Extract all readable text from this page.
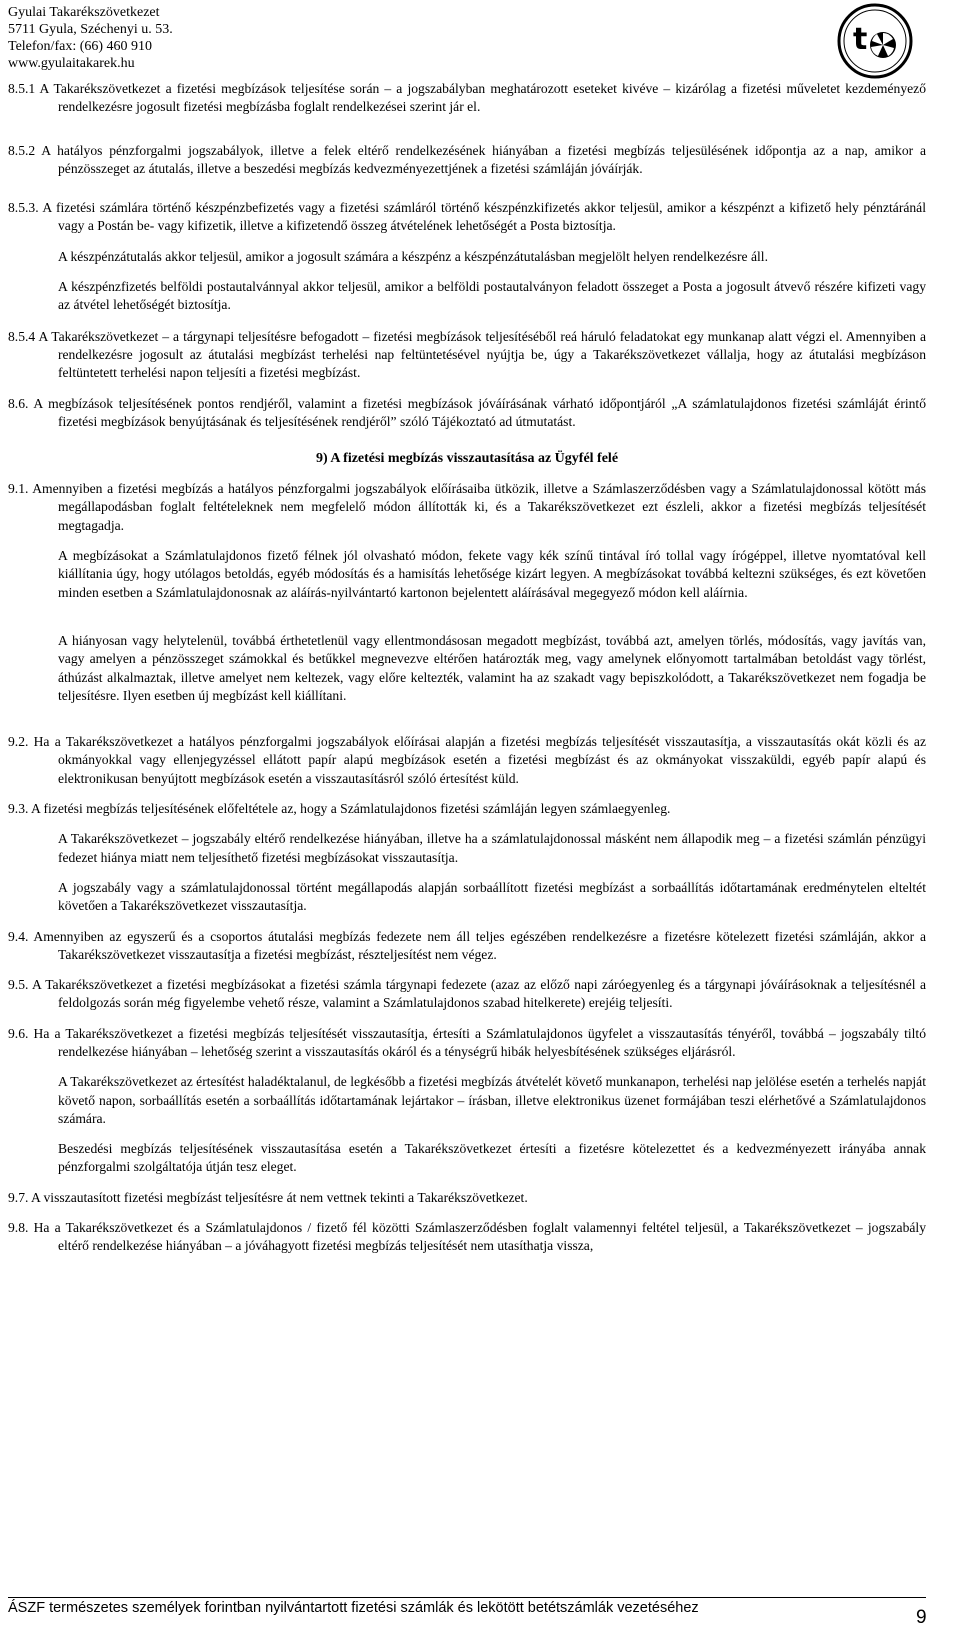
Gyulai Takarékszövetkezet
5711 Gyula, Széchenyi u. 53.
Telefon/fax: (66) 460 910
www.gyulaitakarek.hu
t

8.5.1 A Takarékszövetkezet a fizetési megbízások teljesítése során – a jogszabályban meghatározott eseteket kivéve – kizárólag a fizetési műveletet kezdeményező rendelkezésre jogosult fizetési megbízásba foglalt rendelkezései szerint jár el.

8.5.2 A hatályos pénzforgalmi jogszabályok, illetve a felek eltérő rendelkezésének hiányában a fizetési megbízás teljesülésének időpontja az a nap, amikor a pénzösszeget az átutalás, illetve a beszedési megbízás kedvezményezettjének a fizetési számláján jóváírják.

8.5.3. A fizetési számlára történő készpénzbefizetés vagy a fizetési számláról történő készpénzkifizetés akkor teljesül, amikor a készpénzt a kifizető hely pénztáránál vagy a Postán be- vagy kifizetik, illetve a kifizetendő összeg átvételének lehetőségét a Posta biztosítja.

A készpénzátutalás akkor teljesül, amikor a jogosult számára a készpénz a készpénzátutalásban megjelölt helyen rendelkezésre áll.

A készpénzfizetés belföldi postautalvánnyal akkor teljesül, amikor a belföldi postautalványon feladott összeget a Posta a jogosult átvevő részére kifizeti vagy az átvétel lehetőségét biztosítja.

8.5.4 A Takarékszövetkezet – a tárgynapi teljesítésre befogadott – fizetési megbízások teljesítéséből reá háruló feladatokat egy munkanap alatt végzi el. Amennyiben a rendelkezésre jogosult az átutalási megbízást terhelési nap feltüntetésével nyújtja be, úgy a Takarékszövetkezet vállalja, hogy az átutalási megbízáson feltüntetett terhelési napon teljesíti a fizetési megbízást.

8.6. A megbízások teljesítésének pontos rendjéről, valamint a fizetési megbízások jóváírásának várható időpontjáról „A számlatulajdonos fizetési számláját érintő fizetési megbízások benyújtásának és teljesítésének rendjéről” szóló Tájékoztató ad útmutatást.

9) A fizetési megbízás visszautasítása az Ügyfél felé

9.1. Amennyiben a fizetési megbízás a hatályos pénzforgalmi jogszabályok előírásaiba ütközik, illetve a Számlaszerződésben vagy a Számlatulajdonossal kötött más megállapodásban foglalt feltételeknek nem megfelelő módon állították ki, és a Takarékszövetkezet ezt észleli, akkor a fizetési megbízás teljesítését megtagadja.

A megbízásokat a Számlatulajdonos fizető félnek jól olvasható módon, fekete vagy kék színű tintával író tollal vagy írógéppel, illetve nyomtatóval kell kiállítania úgy, hogy utólagos betoldás, egyéb módosítás és a hamisítás lehetősége kizárt legyen. A megbízásokat továbbá keltezni szükséges, és ezt követően minden esetben a Számlatulajdonosnak az aláírás-nyilvántartó kartonon bejelentett aláírásával megegyező módon kell aláírnia.

A hiányosan vagy helytelenül, továbbá érthetetlenül vagy ellentmondásosan megadott megbízást, továbbá azt, amelyen törlés, módosítás, vagy javítás van, vagy amelyen a pénzösszeget számokkal és betűkkel megnevezve eltérően határozták meg, vagy amelynek előnyomott tartalmában betoldást vagy törlést, áthúzást alkalmaztak, illetve amelyet nem keltezek, vagy előre keltezték, valamint ha az szakadt vagy bepiszkolódott, a Takarékszövetkezet nem fogadja be teljesítésre. Ilyen esetben új megbízást kell kiállítani.

9.2. Ha a Takarékszövetkezet a hatályos pénzforgalmi jogszabályok előírásai alapján a fizetési megbízás teljesítését visszautasítja, a visszautasítás okát közli és az okmányokkal vagy ellenjegyzéssel ellátott papír alapú megbízások esetén a fizetési megbízást és az okmányokat visszaküldi, egyéb papír alapú és elektronikusan benyújtott megbízások esetén a visszautasításról szóló értesítést küld.

9.3. A fizetési megbízás teljesítésének előfeltétele az, hogy a Számlatulajdonos fizetési számláján legyen számlaegyenleg.

A Takarékszövetkezet – jogszabály eltérő rendelkezése hiányában, illetve ha a számlatulajdonossal másként nem állapodik meg – a fizetési számlán pénzügyi fedezet hiánya miatt nem teljesíthető fizetési megbízásokat visszautasítja.

A jogszabály vagy a számlatulajdonossal történt megállapodás alapján sorbaállított fizetési megbízást a sorbaállítás időtartamának eredménytelen elteltét követően a Takarékszövetkezet visszautasítja.

9.4. Amennyiben az egyszerű és a csoportos átutalási megbízás fedezete nem áll teljes egészében rendelkezésre a fizetésre kötelezett fizetési számláján, akkor a Takarékszövetkezet visszautasítja a fizetési megbízást, részteljesítést nem végez.

9.5. A Takarékszövetkezet a fizetési megbízásokat a fizetési számla tárgynapi fedezete (azaz az előző napi záróegyenleg és a tárgynapi jóváírásoknak a teljesítésnél a feldolgozás során még figyelembe vehető része, valamint a Számlatulajdonos szabad hitelkerete) erejéig teljesíti.

9.6. Ha a Takarékszövetkezet a fizetési megbízás teljesítését visszautasítja, értesíti a Számlatulajdonos ügyfelet a visszautasítás tényéről, továbbá – jogszabály tiltó rendelkezése hiányában – lehetőség szerint a visszautasítás okáról és a ténységrű hibák helyesbítésének szükséges eljárásról.

A Takarékszövetkezet az értesítést haladéktalanul, de legkésőbb a fizetési megbízás átvételét követő munkanapon, terhelési nap jelölése esetén a terhelés napját követő napon, sorbaállítás esetén a sorbaállítás időtartamának lejártakor – írásban, illetve elektronikus üzenet formájában teszi elérhetővé a Számlatulajdonos számára.

Beszedési megbízás teljesítésének visszautasítása esetén a Takarékszövetkezet értesíti a fizetésre kötelezettet és a kedvezményezett irányába annak pénzforgalmi szolgáltatója útján tesz eleget.

9.7. A visszautasított fizetési megbízást teljesítésre át nem vettnek tekinti a Takarékszövetkezet.

9.8. Ha a Takarékszövetkezet és a Számlatulajdonos / fizető fél közötti Számlaszerződésben foglalt valamennyi feltétel teljesül, a Takarékszövetkezet – jogszabály eltérő rendelkezése hiányában – a jóváhagyott fizetési megbízás teljesítését nem utasíthatja vissza,

ÁSZF természetes személyek forintban nyilvántartott fizetési számlák és lekötött betétszámlák vezetéséhez	9
